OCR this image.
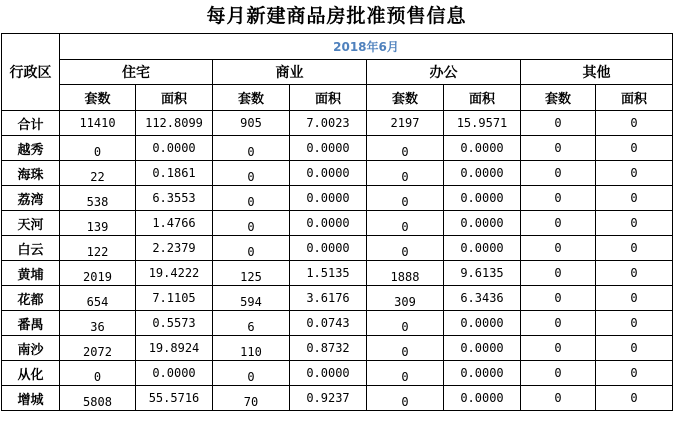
每月新建商品房批准预售信息
行政区	2018年6月							
	住宅		商业		办公		其他	
	套数	面积	套数	面积	套数	面积	套数	面积
合计	11410	112.8099	905	7.0023	2197	15.9571	0	0
越秀	0	0.0000	0	0.0000	0	0.0000	0	0
海珠	22	0.1861	0	0.0000	0	0.0000	0	0
荔湾	538	6.3553	0	0.0000	0	0.0000	0	0
天河	139	1.4766	0	0.0000	0	0.0000	0	0
白云	122	2.2379	0	0.0000	0	0.0000	0	0
黄埔	2019	19.4222	125	1.5135	1888	9.6135	0	0
花都	654	7.1105	594	3.6176	309	6.3436	0	0
番禺	36	0.5573	6	0.0743	0	0.0000	0	0
南沙	2072	19.8924	110	0.8732	0	0.0000	0	0
从化	0	0.0000	0	0.0000	0	0.0000	0	0
增城	5808	55.5716	70	0.9237	0	0.0000	0	0
